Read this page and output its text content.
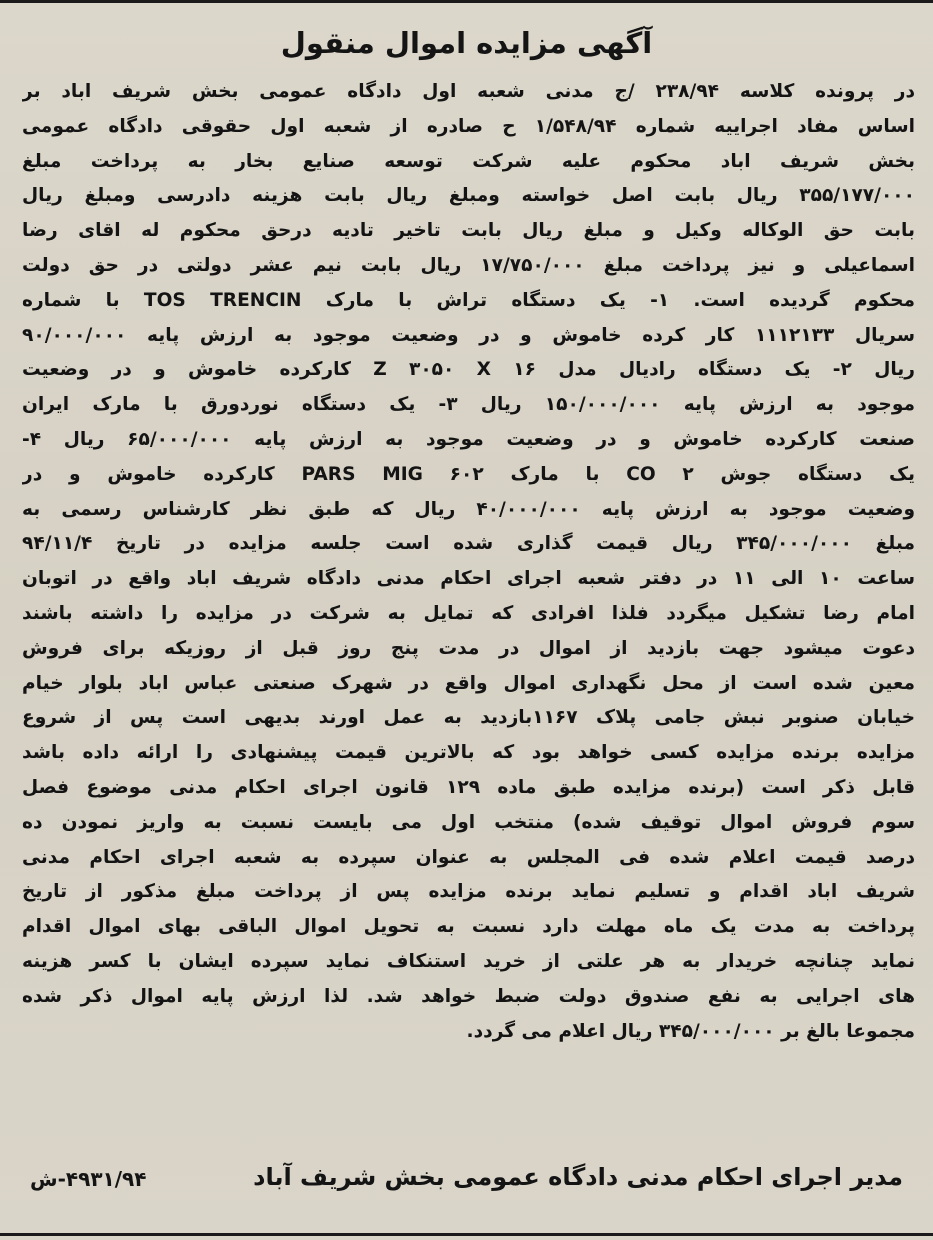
آگهی مزایده اموال منقول
در پرونده کلاسه ۲۳۸/۹۴ /ج مدنی شعبه اول دادگاه عمومی بخش شریف اباد بر
اساس مفاد اجراییه شماره ۱/۵۴۸/۹۴ ح صادره از شعبه اول حقوقی دادگاه عمومی
بخش شریف اباد محکوم علیه شرکت توسعه صنایع بخار به پرداخت مبلغ
۳۵۵/۱۷۷/۰۰۰ ریال بابت اصل خواسته ومبلغ ریال بابت هزینه دادرسی ومبلغ ریال
بابت حق الوکاله وکیل و مبلغ ریال بابت تاخیر تادیه درحق محکوم له اقای رضا
اسماعیلی و نیز پرداخت مبلغ ۱۷/۷۵۰/۰۰۰ ریال بابت نیم عشر دولتی در حق دولت
محکوم گردیده است. ۱- یک دستگاه تراش با مارک TOS TRENCIN با شماره
سریال ۱۱۱۲۱۳۳ کار کرده خاموش و در وضعیت موجود به ارزش پایه ۹۰/۰۰۰/۰۰۰
ریال ۲- یک دستگاه رادیال مدل Z ۳۰۵۰ X ۱۶ کارکرده خاموش و در وضعیت
موجود به ارزش پایه ۱۵۰/۰۰۰/۰۰۰ ریال ۳- یک دستگاه نوردورق با مارک ایران
صنعت کارکرده خاموش و در وضعیت موجود به ارزش پایه ۶۵/۰۰۰/۰۰۰ ریال ۴-
یک دستگاه جوش CO ۲ با مارک PARS MIG ۶۰۲ کارکرده خاموش و در
وضعیت موجود به ارزش پایه ۴۰/۰۰۰/۰۰۰ ریال که طبق نظر کارشناس رسمی به
مبلغ ۳۴۵/۰۰۰/۰۰۰ ریال قیمت گذاری شده است جلسه مزایده در تاریخ ۹۴/۱۱/۴
ساعت ۱۰ الی ۱۱ در دفتر شعبه اجرای احکام مدنی دادگاه شریف اباد واقع در اتوبان
امام رضا تشکیل میگردد فلذا افرادی که تمایل به شرکت در مزایده را داشته باشند
دعوت میشود جهت بازدید از اموال در مدت پنج روز قبل از روزیکه برای فروش
معین شده است از محل نگهداری اموال واقع در شهرک صنعتی عباس اباد بلوار خیام
خیابان صنوبر نبش جامی پلاک ۱۱۶۷بازدید به عمل اورند بدیهی است پس از شروع
مزایده برنده مزایده کسی خواهد بود که بالاترین قیمت پیشنهادی را ارائه داده باشد
قابل ذکر است (برنده مزایده طبق ماده ۱۲۹ قانون اجرای احکام مدنی موضوع فصل
سوم فروش اموال توقیف شده) منتخب اول می بایست نسبت به واریز نمودن ده
درصد قیمت اعلام شده فی المجلس به عنوان سپرده به شعبه اجرای احکام مدنی
شریف اباد اقدام و تسلیم نماید برنده مزایده پس از پرداخت مبلغ مذکور از تاریخ
پرداخت به مدت یک ماه مهلت دارد نسبت به تحویل اموال الباقی بهای اموال اقدام
نماید چنانچه خریدار به هر علتی از خرید استنکاف نماید سپرده ایشان با کسر هزینه
های اجرایی به نفع صندوق دولت ضبط خواهد شد. لذا ارزش پایه اموال ذکر شده
مجموعا بالغ بر ۳۴۵/۰۰۰/۰۰۰ ریال اعلام می گردد.
۴۹۳۱/۹۴-ش	مدیر اجرای احکام مدنی دادگاه عمومی بخش شریف آباد
